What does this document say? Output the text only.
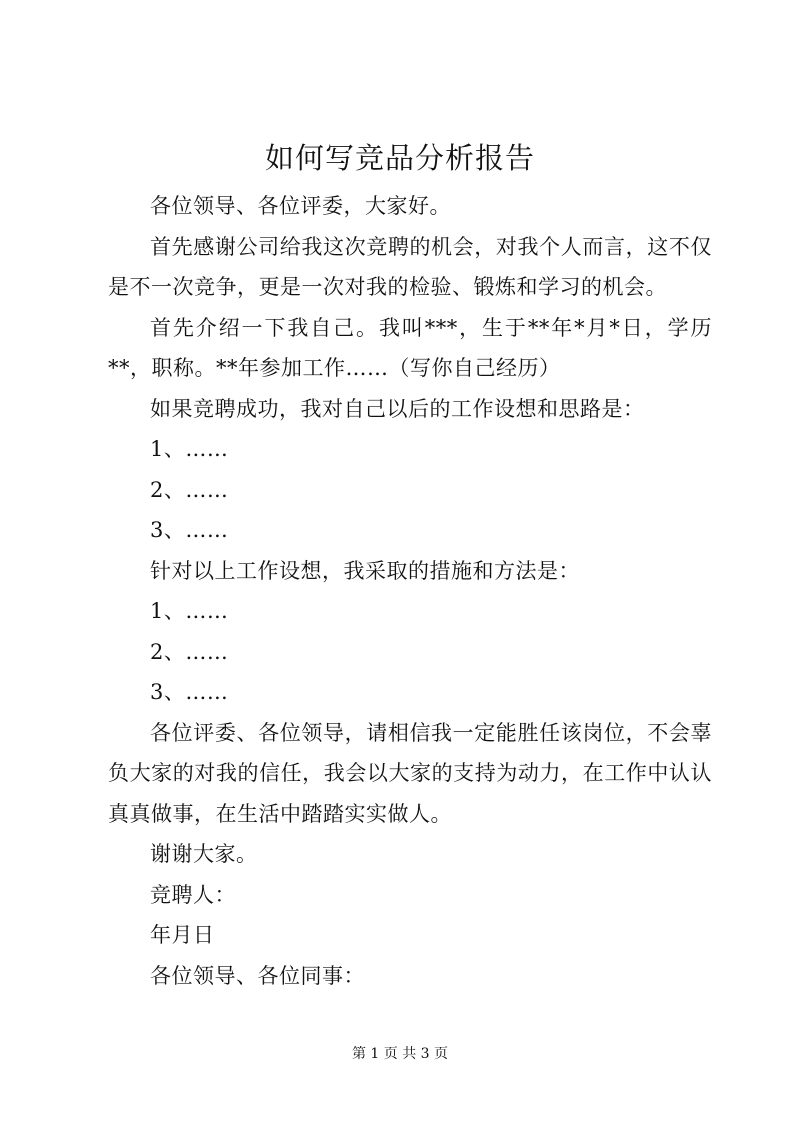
如何写竞品分析报告

各位领导、各位评委，大家好。

首先感谢公司给我这次竞聘的机会，对我个人而言，这不仅是不一次竞争，更是一次对我的检验、锻炼和学习的机会。

首先介绍一下我自己。我叫***，生于**年*月*日，学历**，职称。**年参加工作……（写你自己经历）

如果竞聘成功，我对自己以后的工作设想和思路是：

1、……

2、……

3、……

针对以上工作设想，我采取的措施和方法是：

1、……

2、……

3、……

各位评委、各位领导，请相信我一定能胜任该岗位，不会辜负大家的对我的信任，我会以大家的支持为动力，在工作中认认真真做事，在生活中踏踏实实做人。

谢谢大家。

竞聘人：

年月日

各位领导、各位同事：

第 1 页 共 3 页
